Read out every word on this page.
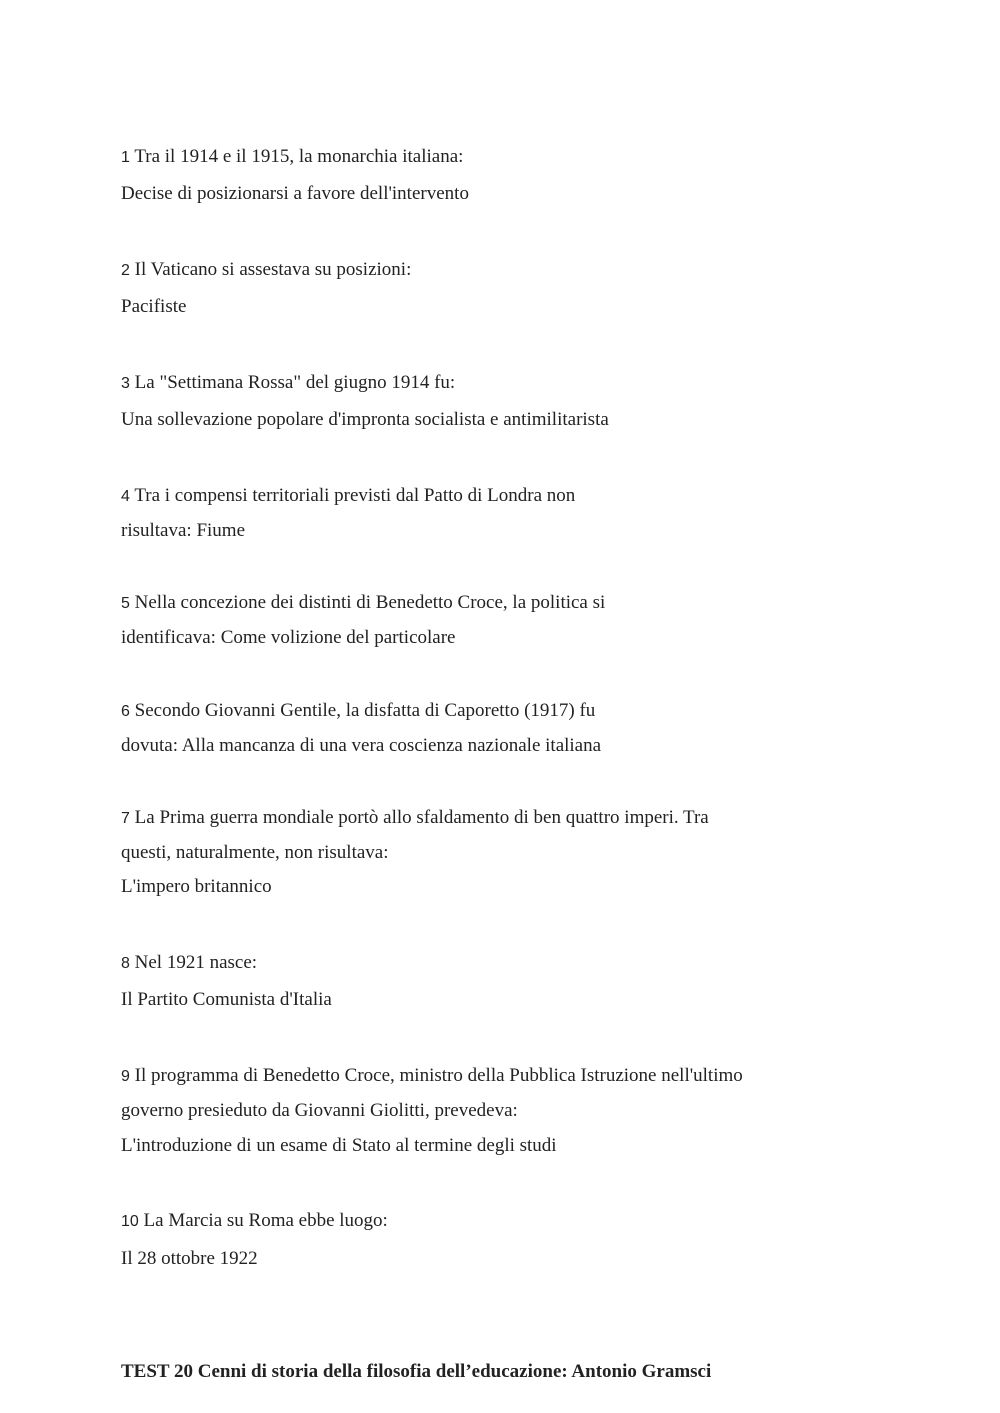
1 Tra il 1914 e il 1915, la monarchia italiana:
Decise di posizionarsi a favore dell'intervento
2 Il Vaticano si assestava su posizioni:
Pacifiste
3 La "Settimana Rossa" del giugno 1914 fu:
Una sollevazione popolare d'impronta socialista e antimilitarista
4 Tra i compensi territoriali previsti dal Patto di Londra non
risultava: Fiume
5 Nella concezione dei distinti di Benedetto Croce, la politica si
identificava: Come volizione del particolare
6 Secondo Giovanni Gentile, la disfatta di Caporetto (1917) fu
dovuta: Alla mancanza di una vera coscienza nazionale italiana
7 La Prima guerra mondiale portò allo sfaldamento di ben quattro imperi. Tra
questi, naturalmente, non risultava:
L'impero britannico
8 Nel 1921 nasce:
Il Partito Comunista d'Italia
9 Il programma di Benedetto Croce, ministro della Pubblica Istruzione nell'ultimo
governo presieduto da Giovanni Giolitti, prevedeva:
L'introduzione di un esame di Stato al termine degli studi
10 La Marcia su Roma ebbe luogo:
Il 28 ottobre 1922
TEST 20 Cenni di storia della filosofia dell’educazione: Antonio Gramsci
